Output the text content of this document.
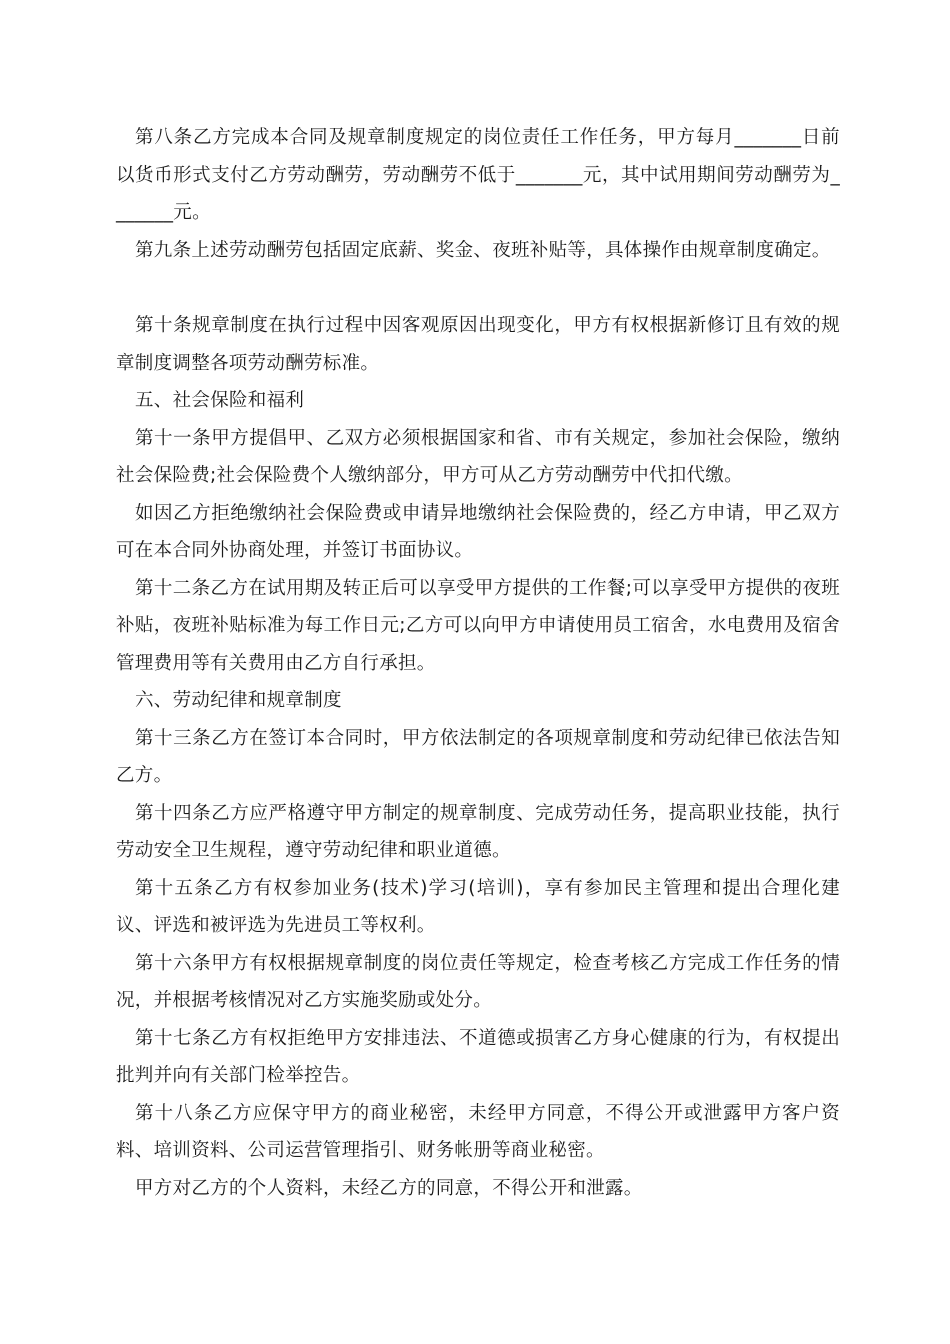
第八条乙方完成本合同及规章制度规定的岗位责任工作任务，甲方每月_______日前以货币形式支付乙方劳动酬劳，劳动酬劳不低于_______元，其中试用期间劳动酬劳为_______元。

第九条上述劳动酬劳包括固定底薪、奖金、夜班补贴等，具体操作由规章制度确定。

第十条规章制度在执行过程中因客观原因出现变化，甲方有权根据新修订且有效的规章制度调整各项劳动酬劳标准。

五、社会保险和福利

第十一条甲方提倡甲、乙双方必须根据国家和省、市有关规定，参加社会保险，缴纳社会保险费;社会保险费个人缴纳部分，甲方可从乙方劳动酬劳中代扣代缴。

如因乙方拒绝缴纳社会保险费或申请异地缴纳社会保险费的，经乙方申请，甲乙双方可在本合同外协商处理，并签订书面协议。

第十二条乙方在试用期及转正后可以享受甲方提供的工作餐;可以享受甲方提供的夜班补贴，夜班补贴标准为每工作日元;乙方可以向甲方申请使用员工宿舍，水电费用及宿舍管理费用等有关费用由乙方自行承担。

六、劳动纪律和规章制度

第十三条乙方在签订本合同时，甲方依法制定的各项规章制度和劳动纪律已依法告知乙方。

第十四条乙方应严格遵守甲方制定的规章制度、完成劳动任务，提高职业技能，执行劳动安全卫生规程，遵守劳动纪律和职业道德。

第十五条乙方有权参加业务(技术)学习(培训)，享有参加民主管理和提出合理化建议、评选和被评选为先进员工等权利。

第十六条甲方有权根据规章制度的岗位责任等规定，检查考核乙方完成工作任务的情况，并根据考核情况对乙方实施奖励或处分。

第十七条乙方有权拒绝甲方安排违法、不道德或损害乙方身心健康的行为，有权提出批判并向有关部门检举控告。

第十八条乙方应保守甲方的商业秘密，未经甲方同意，不得公开或泄露甲方客户资料、培训资料、公司运营管理指引、财务帐册等商业秘密。

甲方对乙方的个人资料，未经乙方的同意，不得公开和泄露。
